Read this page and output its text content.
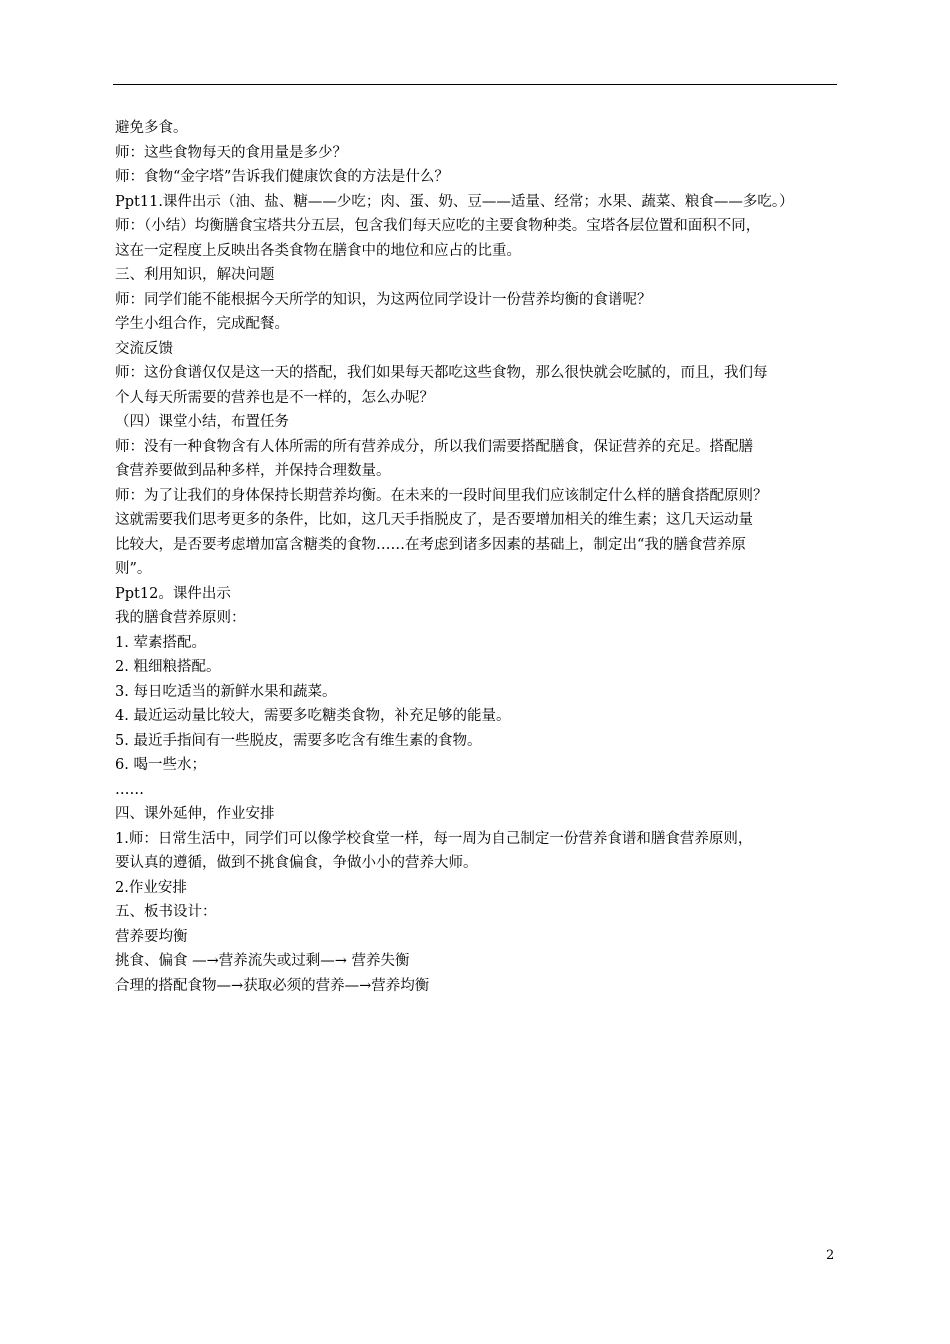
避免多食。
师：这些食物每天的食用量是多少？
师：食物“金字塔”告诉我们健康饮食的方法是什么？
Ppt11.课件出示（油、盐、糖——少吃；肉、蛋、奶、豆——适量、经常；水果、蔬菜、粮食——多吃。）
师：（小结）均衡膳食宝塔共分五层，包含我们每天应吃的主要食物种类。宝塔各层位置和面积不同，
这在一定程度上反映出各类食物在膳食中的地位和应占的比重。
三、利用知识，解决问题
师：同学们能不能根据今天所学的知识，为这两位同学设计一份营养均衡的食谱呢？
学生小组合作，完成配餐。
交流反馈
师：这份食谱仅仅是这一天的搭配，我们如果每天都吃这些食物，那么很快就会吃腻的，而且，我们每
个人每天所需要的营养也是不一样的，怎么办呢？
（四）课堂小结，布置任务
师：没有一种食物含有人体所需的所有营养成分，所以我们需要搭配膳食，保证营养的充足。搭配膳
食营养要做到品种多样，并保持合理数量。
师：为了让我们的身体保持长期营养均衡。在未来的一段时间里我们应该制定什么样的膳食搭配原则？
这就需要我们思考更多的条件，比如，这几天手指脱皮了，是否要增加相关的维生素；这几天运动量
比较大，是否要考虑增加富含糖类的食物……在考虑到诸多因素的基础上，制定出“我的膳食营养原
则”。
Ppt12。课件出示
我的膳食营养原则：
1. 荤素搭配。
2. 粗细粮搭配。
3. 每日吃适当的新鲜水果和蔬菜。
4. 最近运动量比较大，需要多吃糖类食物，补充足够的能量。
5. 最近手指间有一些脱皮，需要多吃含有维生素的食物。
6. 喝一些水；
……
四、课外延伸，作业安排
1.师：日常生活中，同学们可以像学校食堂一样，每一周为自己制定一份营养食谱和膳食营养原则，
要认真的遵循，做到不挑食偏食，争做小小的营养大师。
2.作业安排
五、板书设计：
营养要均衡
挑食、偏食 —→营养流失或过剩—→ 营养失衡
合理的搭配食物—→获取必须的营养—→营养均衡
2
